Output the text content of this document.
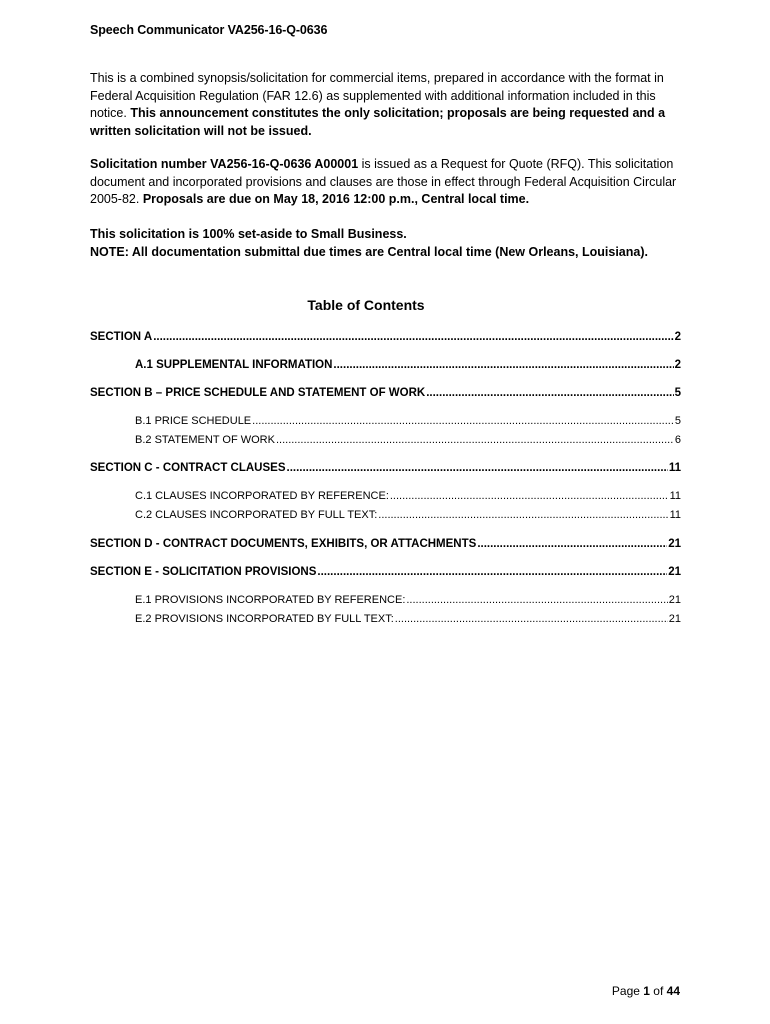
Speech Communicator VA256-16-Q-0636
This is a combined synopsis/solicitation for commercial items, prepared in accordance with the format in Federal Acquisition Regulation (FAR 12.6) as supplemented with additional information included in this notice. This announcement constitutes the only solicitation; proposals are being requested and a written solicitation will not be issued.
Solicitation number VA256-16-Q-0636 A00001 is issued as a Request for Quote (RFQ). This solicitation document and incorporated provisions and clauses are those in effect through Federal Acquisition Circular 2005-82. Proposals are due on May 18, 2016 12:00 p.m., Central local time.
This solicitation is 100% set-aside to Small Business.
NOTE: All documentation submittal due times are Central local time (New Orleans, Louisiana).
Table of Contents
SECTION A .....	2
A.1 SUPPLEMENTAL INFORMATION .....	2
SECTION B – PRICE SCHEDULE AND STATEMENT OF WORK .....	5
B.1 PRICE SCHEDULE .....	5
B.2 STATEMENT OF WORK .....	6
SECTION C - CONTRACT CLAUSES .....	11
C.1 CLAUSES INCORPORATED BY REFERENCE: .....	11
C.2 CLAUSES INCORPORATED BY FULL TEXT: .....	11
SECTION D - CONTRACT DOCUMENTS, EXHIBITS, OR ATTACHMENTS .....	21
SECTION E - SOLICITATION PROVISIONS .....	21
E.1 PROVISIONS INCORPORATED BY REFERENCE: .....	21
E.2 PROVISIONS INCORPORATED BY FULL TEXT: .....	21
Page 1 of 44
